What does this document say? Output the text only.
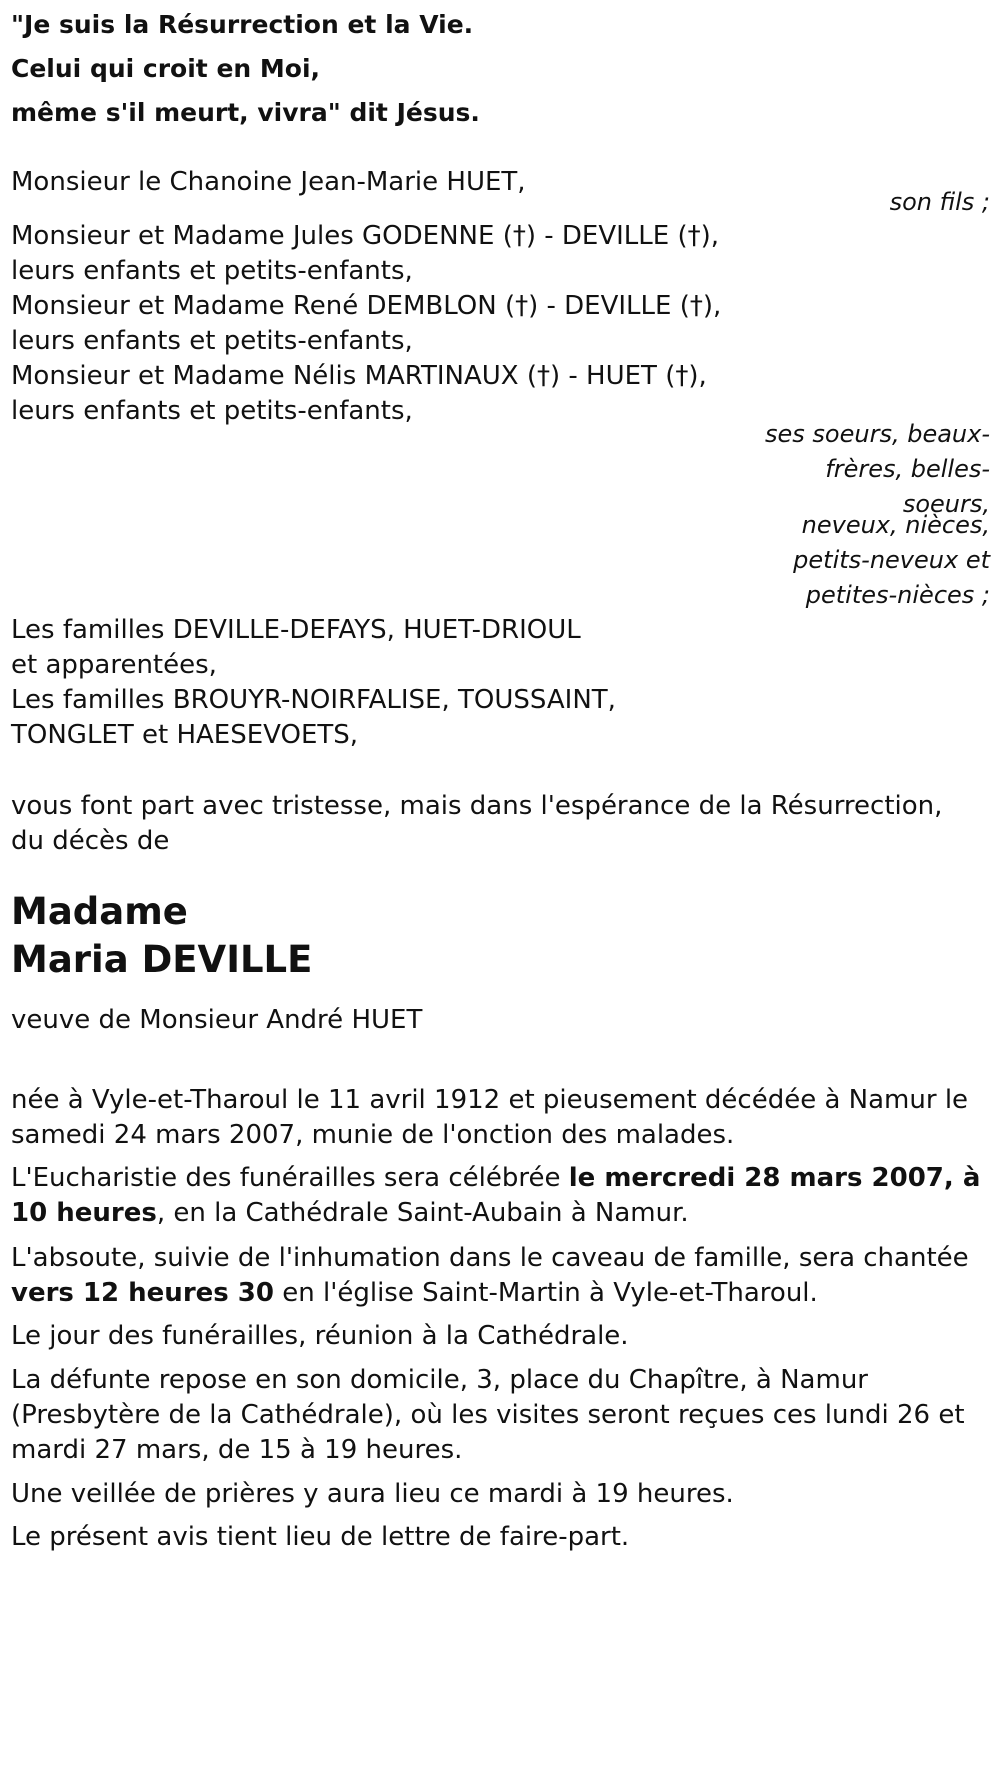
"Je suis la Résurrection et la Vie.
Celui qui croit en Moi,
même s'il meurt, vivra" dit Jésus.
Monsieur le Chanoine Jean-Marie HUET,
son fils ;
Monsieur et Madame Jules GODENNE (†) - DEVILLE (†),
leurs enfants et petits-enfants,
Monsieur et Madame René DEMBLON (†) - DEVILLE (†),
leurs enfants et petits-enfants,
Monsieur et Madame Nélis MARTINAUX (†) - HUET (†),
leurs enfants et petits-enfants,
ses soeurs, beaux-
frères, belles-
soeurs,
neveux, nièces,
petits-neveux et
petites-nièces ;
Les familles DEVILLE-DEFAYS, HUET-DRIOUL
et apparentées,
Les familles BROUYR-NOIRFALISE, TOUSSAINT,
TONGLET et HAESEVOETS,
vous font part avec tristesse, mais dans l'espérance de la Résurrection,
du décès de
Madame
Maria DEVILLE
veuve de Monsieur André HUET
née à Vyle-et-Tharoul le 11 avril 1912 et pieusement décédée à Namur le
samedi 24 mars 2007, munie de l'onction des malades.
L'Eucharistie des funérailles sera célébrée le mercredi 28 mars 2007, à
10 heures, en la Cathédrale Saint-Aubain à Namur.
L'absoute, suivie de l'inhumation dans le caveau de famille, sera chantée
vers 12 heures 30 en l'église Saint-Martin à Vyle-et-Tharoul.
Le jour des funérailles, réunion à la Cathédrale.
La défunte repose en son domicile, 3, place du Chapître, à Namur
(Presbytère de la Cathédrale), où les visites seront reçues ces lundi 26 et
mardi 27 mars, de 15 à 19 heures.
Une veillée de prières y aura lieu ce mardi à 19 heures.
Le présent avis tient lieu de lettre de faire-part.
